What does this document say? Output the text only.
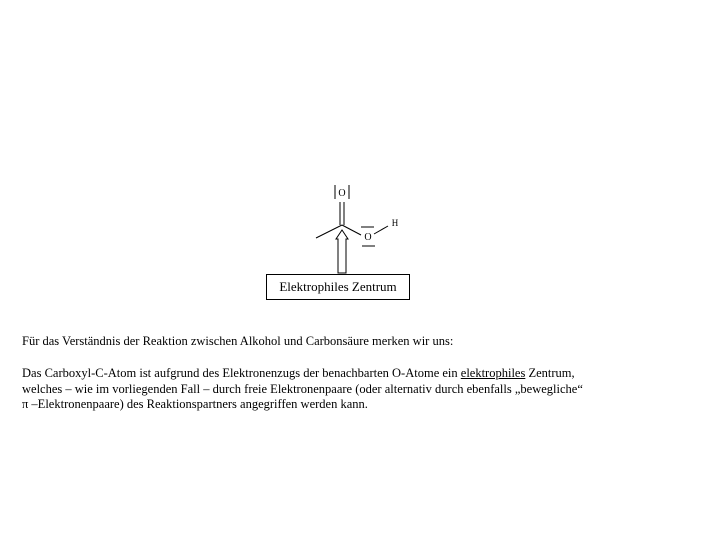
O
O
H
Elektrophiles Zentrum
Für das Verständnis der Reaktion zwischen Alkohol und Carbonsäure merken wir uns:
Das Carboxyl-C-Atom ist aufgrund des Elektronenzugs der benachbarten O-Atome ein elektrophiles Zentrum,
welches – wie im vorliegenden Fall – durch freie Elektronenpaare (oder alternativ durch ebenfalls „bewegliche“
π –Elektronenpaare) des Reaktionspartners angegriffen werden kann.
